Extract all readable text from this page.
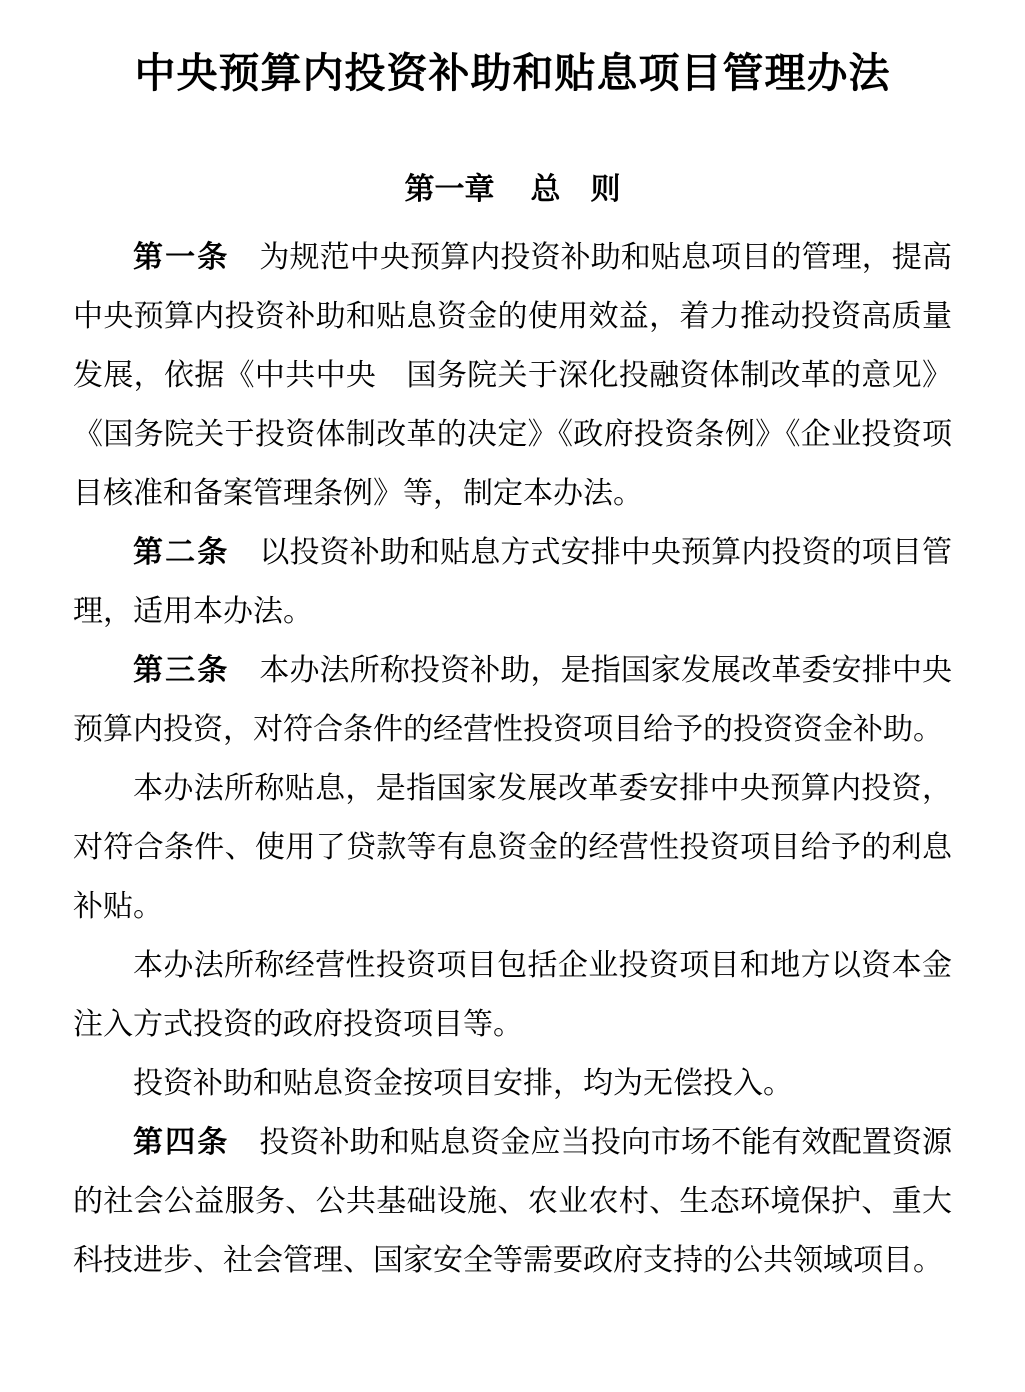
中央预算内投资补助和贴息项目管理办法
第一章 总　则

第一条 为规范中央预算内投资补助和贴息项目的管理，提高中央预算内投资补助和贴息资金的使用效益，着力推动投资高质量发展，依据《中共中央　国务院关于深化投融资体制改革的意见》《国务院关于投资体制改革的决定》《政府投资条例》《企业投资项目核准和备案管理条例》等，制定本办法。

第二条 以投资补助和贴息方式安排中央预算内投资的项目管理，适用本办法。

第三条 本办法所称投资补助，是指国家发展改革委安排中央预算内投资，对符合条件的经营性投资项目给予的投资资金补助。

本办法所称贴息，是指国家发展改革委安排中央预算内投资，对符合条件、使用了贷款等有息资金的经营性投资项目给予的利息补贴。

本办法所称经营性投资项目包括企业投资项目和地方以资本金注入方式投资的政府投资项目等。

投资补助和贴息资金按项目安排，均为无偿投入。

第四条 投资补助和贴息资金应当投向市场不能有效配置资源的社会公益服务、公共基础设施、农业农村、生态环境保护、重大科技进步、社会管理、国家安全等需要政府支持的公共领域项目。
